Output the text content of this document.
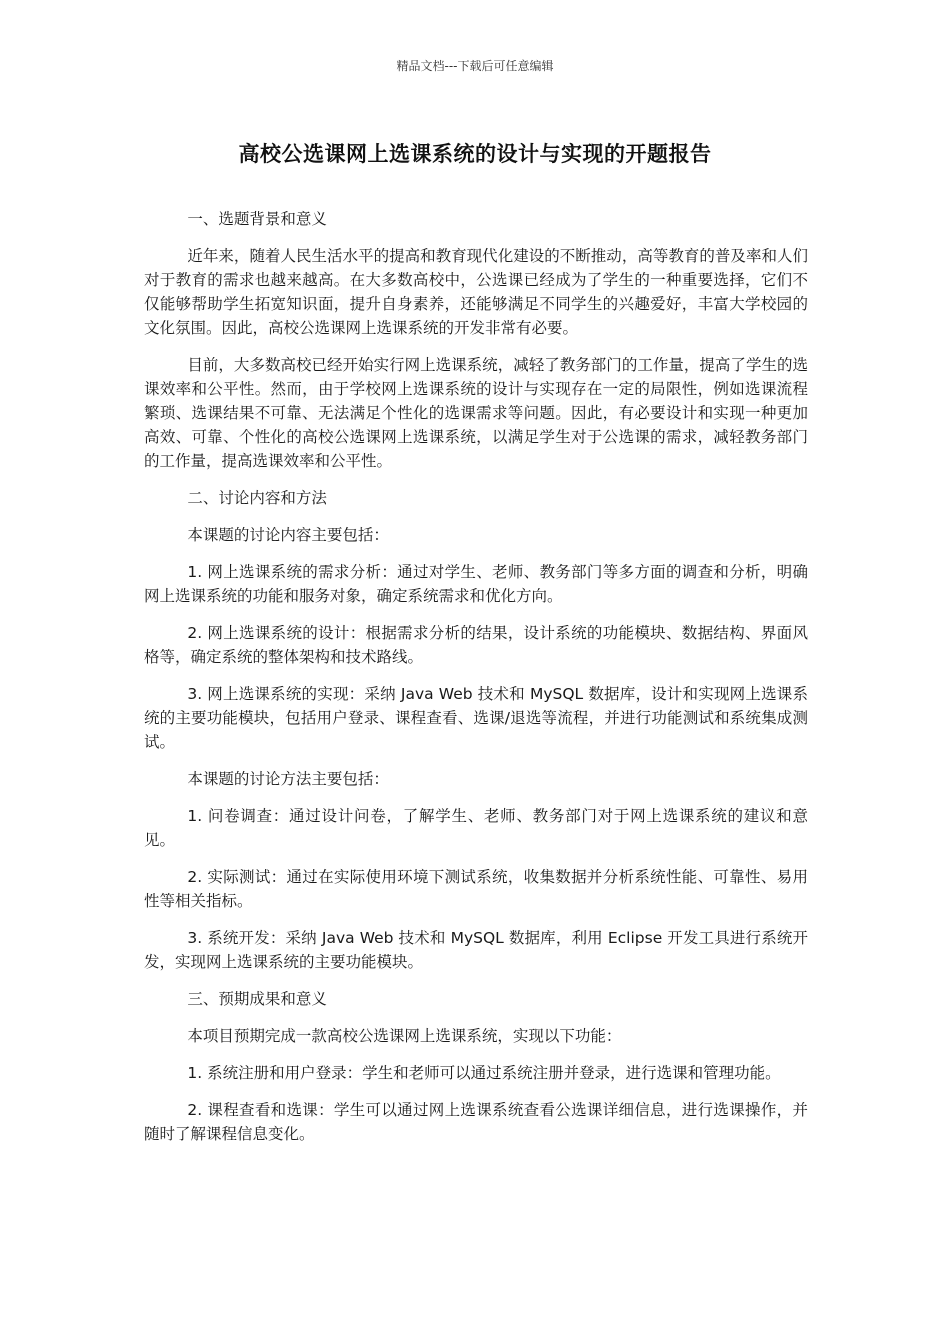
精品文档---下载后可任意编辑
高校公选课网上选课系统的设计与实现的开题报告
一、选题背景和意义
近年来，随着人民生活水平的提高和教育现代化建设的不断推动，高等教育的普及率和人们对于教育的需求也越来越高。在大多数高校中，公选课已经成为了学生的一种重要选择，它们不仅能够帮助学生拓宽知识面，提升自身素养，还能够满足不同学生的兴趣爱好，丰富大学校园的文化氛围。因此，高校公选课网上选课系统的开发非常有必要。
目前，大多数高校已经开始实行网上选课系统，减轻了教务部门的工作量，提高了学生的选课效率和公平性。然而，由于学校网上选课系统的设计与实现存在一定的局限性，例如选课流程繁琐、选课结果不可靠、无法满足个性化的选课需求等问题。因此，有必要设计和实现一种更加高效、可靠、个性化的高校公选课网上选课系统，以满足学生对于公选课的需求，减轻教务部门的工作量，提高选课效率和公平性。
二、讨论内容和方法
本课题的讨论内容主要包括：
1. 网上选课系统的需求分析：通过对学生、老师、教务部门等多方面的调查和分析，明确网上选课系统的功能和服务对象，确定系统需求和优化方向。
2. 网上选课系统的设计：根据需求分析的结果，设计系统的功能模块、数据结构、界面风格等，确定系统的整体架构和技术路线。
3. 网上选课系统的实现：采纳 Java Web 技术和 MySQL 数据库，设计和实现网上选课系统的主要功能模块，包括用户登录、课程查看、选课/退选等流程，并进行功能测试和系统集成测试。
本课题的讨论方法主要包括：
1. 问卷调查：通过设计问卷，了解学生、老师、教务部门对于网上选课系统的建议和意见。
2. 实际测试：通过在实际使用环境下测试系统，收集数据并分析系统性能、可靠性、易用性等相关指标。
3. 系统开发：采纳 Java Web 技术和 MySQL 数据库，利用 Eclipse 开发工具进行系统开发，实现网上选课系统的主要功能模块。
三、预期成果和意义
本项目预期完成一款高校公选课网上选课系统，实现以下功能：
1. 系统注册和用户登录：学生和老师可以通过系统注册并登录，进行选课和管理功能。
2. 课程查看和选课：学生可以通过网上选课系统查看公选课详细信息，进行选课操作，并随时了解课程信息变化。
